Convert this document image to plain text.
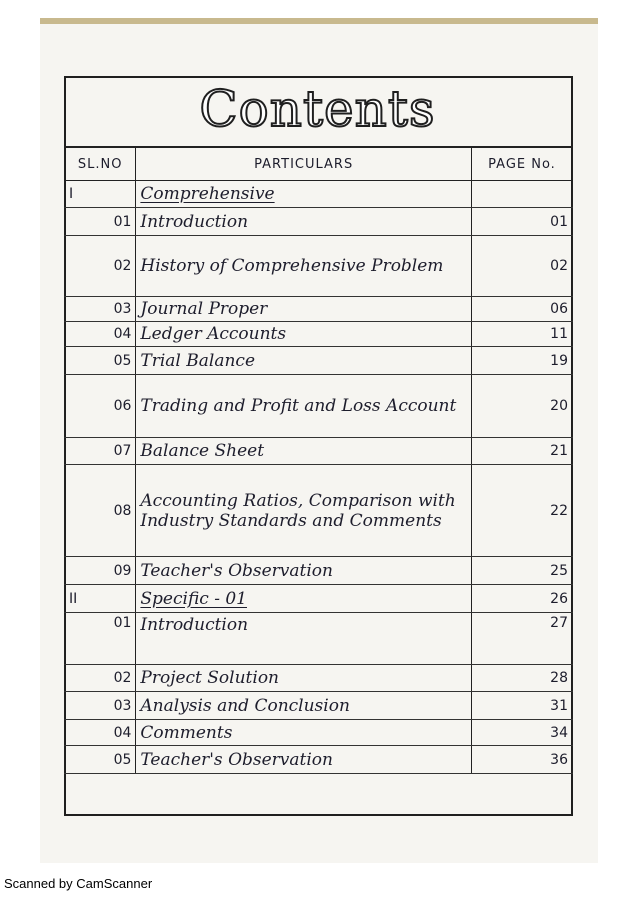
Contents
SL.NO	PARTICULARS	PAGE No.
I	Comprehensive	
01	Introduction	01
02	History of Comprehensive Problem	02
03	Journal Proper	06
04	Ledger Accounts	11
05	Trial Balance	19
06	Trading and Profit and Loss Account	20
07	Balance Sheet	21
08	Accounting Ratios, Comparison with Industry Standards and Comments	22
09	Teacher's Observation	25
II	Specific - 01	26
01	Introduction	27
02	Project Solution	28
03	Analysis and Conclusion	31
04	Comments	34
05	Teacher's Observation	36
Scanned by CamScanner
